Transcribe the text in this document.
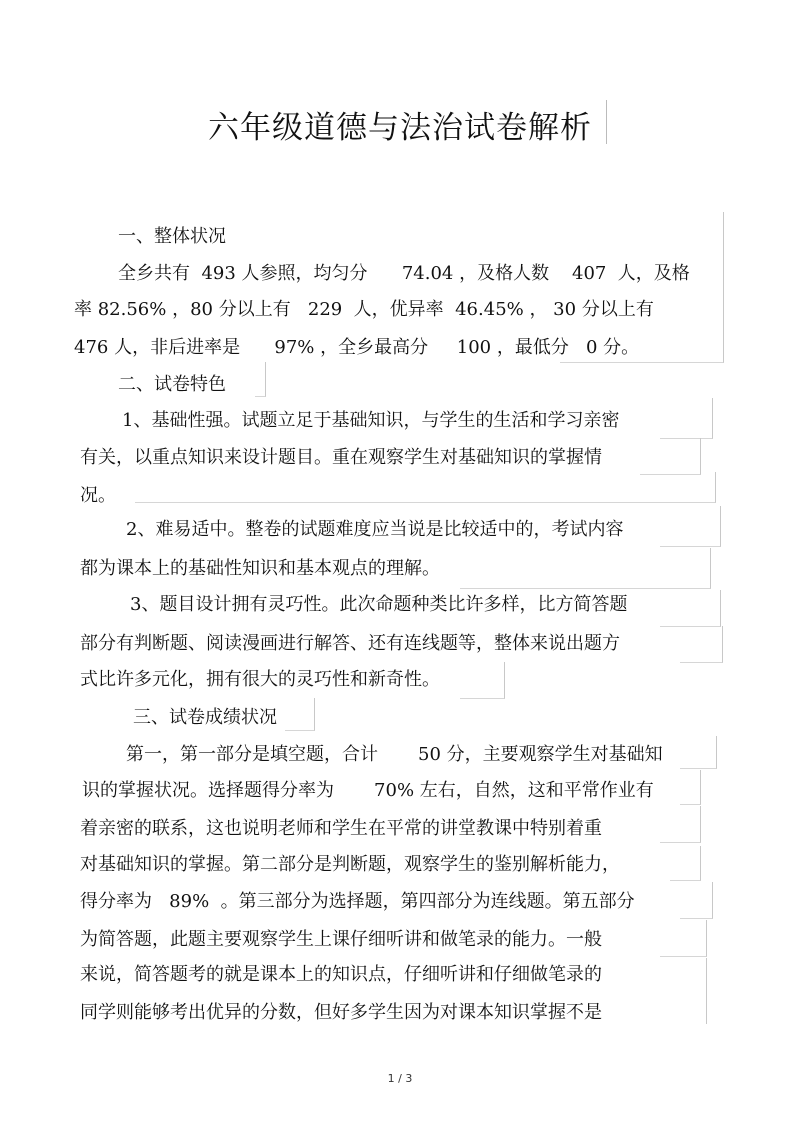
六年级道德与法治试卷解析
一、整体状况
全乡共有  493 人参照，均匀分      74.04 ，及格人数    407  人，及格
率 82.56% ，80 分以上有   229  人，优异率  46.45% ， 30 分以上有
476 人，非后进率是      97% ，全乡最高分     100 ，最低分   0 分。
二、试卷特色
1、基础性强。试题立足于基础知识，与学生的生活和学习亲密
有关，以重点知识来设计题目。重在观察学生对基础知识的掌握情
况。
2、难易适中。整卷的试题难度应当说是比较适中的，考试内容
都为课本上的基础性知识和基本观点的理解。
3、题目设计拥有灵巧性。此次命题种类比许多样，比方简答题
部分有判断题、阅读漫画进行解答、还有连线题等，整体来说出题方
式比许多元化，拥有很大的灵巧性和新奇性。
三、试卷成绩状况
第一，第一部分是填空题，合计       50 分，主要观察学生对基础知
识的掌握状况。选择题得分率为       70% 左右，自然，这和平常作业有
着亲密的联系，这也说明老师和学生在平常的讲堂教课中特别着重
对基础知识的掌握。第二部分是判断题，观察学生的鉴别解析能力，
得分率为   89%  。第三部分为选择题，第四部分为连线题。第五部分
为简答题，此题主要观察学生上课仔细听讲和做笔录的能力。一般
来说，简答题考的就是课本上的知识点，仔细听讲和仔细做笔录的
同学则能够考出优异的分数，但好多学生因为对课本知识掌握不是
1 / 3
